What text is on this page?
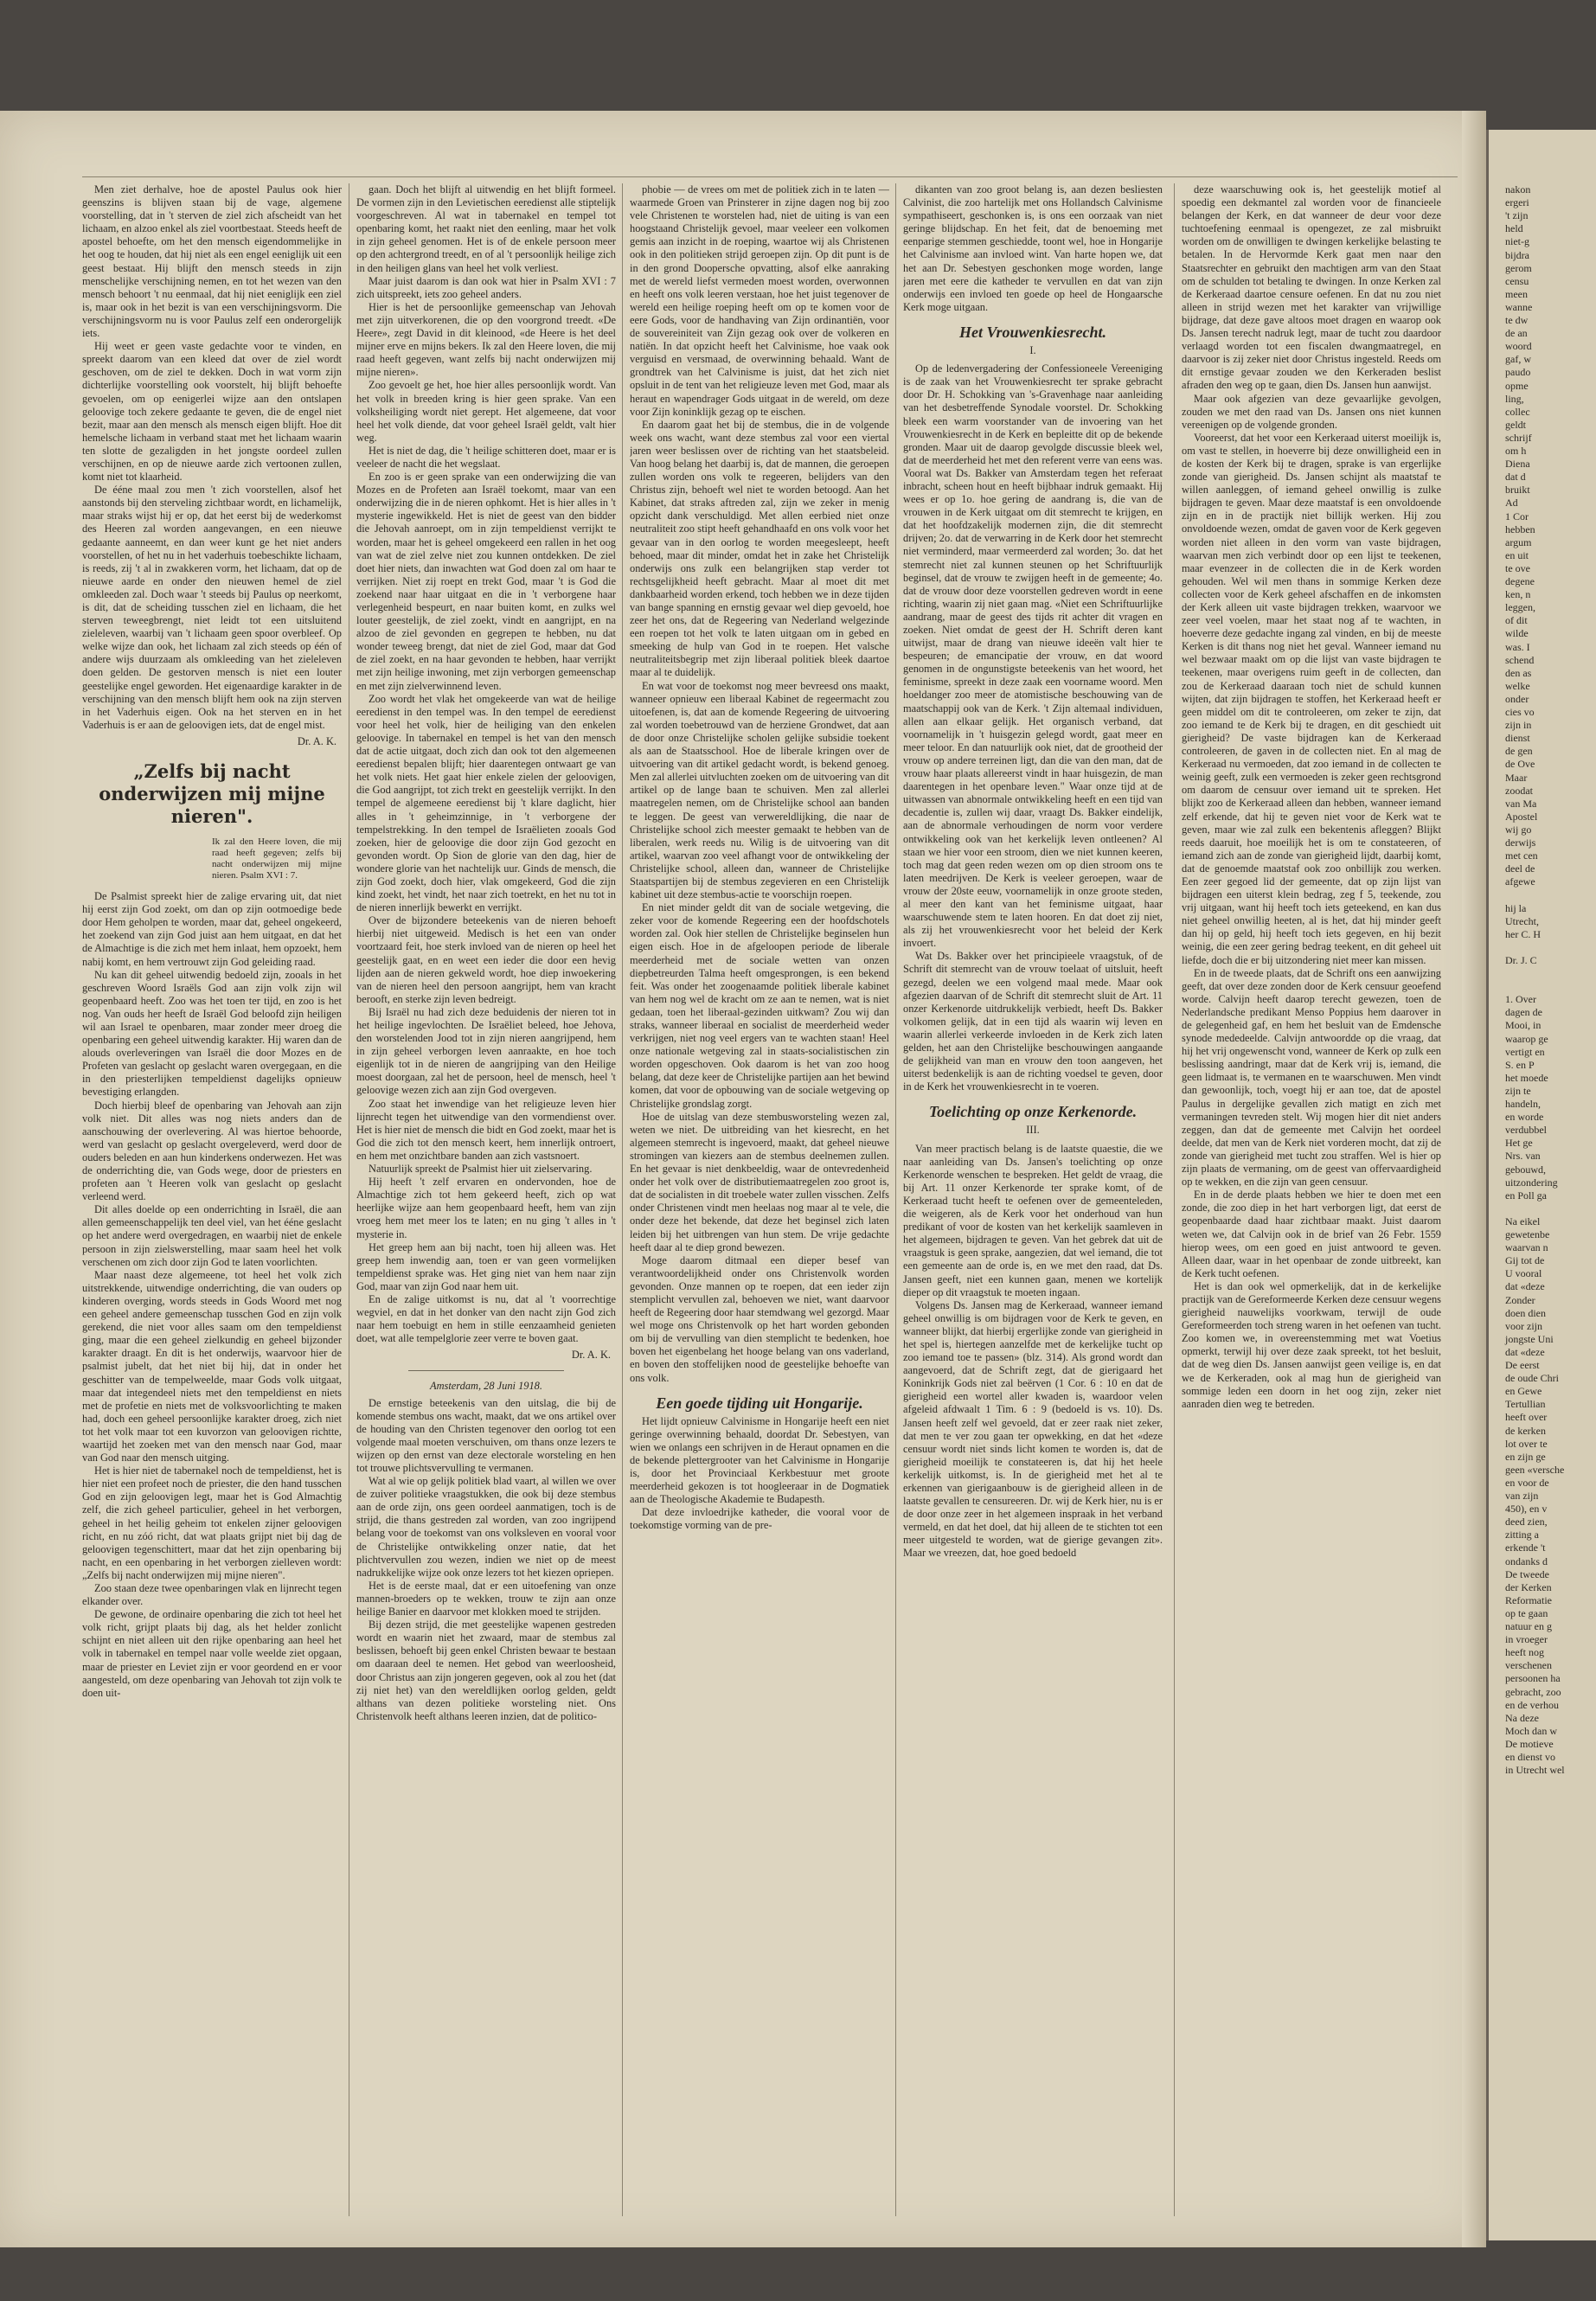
Men ziet derhalve, hoe de apostel Paulus ook hier geenszins is blijven staan bij de vage, algemene voorstelling, dat in 't sterven de ziel zich afscheidt van het lichaam, en alzoo enkel als ziel voortbestaat. Steeds heeft de apostel behoefte, om het den mensch eigendommelijke in het oog te houden, dat hij niet als een engel eeniglijk uit een geest bestaat. Hij blijft den mensch steeds in zijn menschelijke verschijning nemen, en tot het wezen van den mensch behoort 't nu eenmaal, dat hij niet eeniglijk een ziel is, maar ook in het bezit is van een verschijningsvorm. Die verschijningsvorm nu is voor Paulus zelf een onderorgelijk iets.

Hij weet er geen vaste gedachte voor te vinden, en spreekt daarom van een kleed dat over de ziel wordt geschoven, om de ziel te dekken. Doch in wat vorm zijn dichterlijke voorstelling ook voorstelt, hij blijft behoefte gevoelen, om op eenigerlei wijze aan den ontslapen geloovige toch zekere gedaante te geven, die de engel niet bezit, maar aan den mensch als mensch eigen blijft. Hoe dit hemelsche lichaam in verband staat met het lichaam waarin ten slotte de gezaligden in het jongste oordeel zullen verschijnen, en op de nieuwe aarde zich vertoonen zullen, komt niet tot klaarheid.

De ééne maal zou men 't zich voorstellen, alsof het aanstonds bij den sterveling zichtbaar wordt, en lichamelijk, maar straks wijst hij er op, dat het eerst bij de wederkomst des Heeren zal worden aangevangen, en een nieuwe gedaante aanneemt, en dan weer kunt ge het niet anders voorstellen, of het nu in het vaderhuis toebeschikte lichaam, is reeds, zij 't al in zwakkeren vorm, het lichaam, dat op de nieuwe aarde en onder den nieuwen hemel de ziel omkleeden zal. Doch waar 't steeds bij Paulus op neerkomt, is dit, dat de scheiding tusschen ziel en lichaam, die het sterven teweegbrengt, niet leidt tot een uitsluitend zieleleven, waarbij van 't lichaam geen spoor overbleef. Op welke wijze dan ook, het lichaam zal zich steeds op één of andere wijs duurzaam als omkleeding van het zieleleven doen gelden. De gestorven mensch is niet een louter geestelijke engel geworden. Het eigenaardige karakter in de verschijning van den mensch blijft hem ook na zijn sterven in het Vaderhuis eigen. Ook na het sterven en in het Vaderhuis is er aan de geloovigen iets, dat de engel mist.

Dr. A. K.

„Zelfs bij nacht onderwijzen mij mijne nieren".

Ik zal den Heere loven, die mij raad heeft gegeven; zelfs bij nacht onderwijzen mij mijne nieren. Psalm XVI : 7.

De Psalmist spreekt hier de zalige ervaring uit, dat niet hij eerst zijn God zoekt, om dan op zijn ootmoedige bede door Hem geholpen te worden, maar dat, geheel ongekeerd, het zoekend van zijn God juist aan hem uitgaat, en dat het de Almachtige is die zich met hem inlaat, hem opzoekt, hem nabij komt, en hem vertrouwt zijn God geleiding raad.

Nu kan dit geheel uitwendig bedoeld zijn, zooals in het geschreven Woord Israëls God aan zijn volk zijn wil geopenbaard heeft. Zoo was het toen ter tijd, en zoo is het nog. Van ouds her heeft de Israël God beloofd zijn heiligen wil aan Israel te openbaren, maar zonder meer droeg die openbaring een geheel uitwendig karakter. Hij waren dan de alouds overleveringen van Israël die door Mozes en de Profeten van geslacht op geslacht waren overgegaan, en die in den priesterlijken tempeldienst dagelijks opnieuw bevestiging erlangden.

Doch hierbij bleef de openbaring van Jehovah aan zijn volk niet. Dit alles was nog niets anders dan de aanschouwing der overlevering. Al was hiertoe behoorde, werd van geslacht op geslacht overgeleverd, werd door de ouders beleden en aan hun kinderkens onderwezen. Het was de onderrichting die, van Gods wege, door de priesters en profeten aan 't Heeren volk van geslacht op geslacht verleend werd.

Dit alles doelde op een onderrichting in Israël, die aan allen gemeenschappelijk ten deel viel, van het ééne geslacht op het andere werd overgedragen, en waarbij niet de enkele persoon in zijn zielswerstelling, maar saam heel het volk verschenen om zich door zijn God te laten voorlichten.

Maar naast deze algemeene, tot heel het volk zich uitstrekkende, uitwendige onderrichting, die van ouders op kinderen overging, words steeds in Gods Woord met nog een geheel andere gemeenschap tusschen God en zijn volk gerekend, die niet voor alles saam om den tempeldienst ging, maar die een geheel zielkundig en geheel bijzonder karakter draagt. En dit is het onderwijs, waarvoor hier de psalmist jubelt, dat het niet bij hij, dat in onder het geschitter van de tempelweelde, maar Gods volk uitgaat, maar dat integendeel niets met den tempeldienst en niets met de profetie en niets met de volksvoorlichting te maken had, doch een geheel persoonlijke karakter droeg, zich niet tot het volk maar tot een kuvorzon van geloovigen richtte, waartijd het zoeken met van den mensch naar God, maar van God naar den mensch uitging.

Het is hier niet de tabernakel noch de tempeldienst, het is hier niet een profeet noch de priester, die den hand tusschen God en zijn geloovigen legt, maar het is God Almachtig zelf, die zich geheel particulier, geheel in het verborgen, geheel in het heilig geheim tot enkelen zijner geloovigen richt, en nu zóó richt, dat wat plaats grijpt niet bij dag de geloovigen tegenschittert, maar dat het zijn openbaring bij nacht, en een openbaring in het verborgen zielleven wordt: „Zelfs bij nacht onderwijzen mij mijne nieren".

Zoo staan deze twee openbaringen vlak en lijnrecht tegen elkander over.

De gewone, de ordinaire openbaring die zich tot heel het volk richt, grijpt plaats bij dag, als het helder zonlicht schijnt en niet alleen uit den rijke openbaring aan heel het volk in tabernakel en tempel naar volle weelde ziet opgaan, maar de priester en Leviet zijn er voor geordend en er voor aangesteld, om deze openbaring van Jehovah tot zijn volk te doen uit-

gaan. Doch het blijft al uitwendig en het blijft formeel. De vormen zijn in den Levietischen eeredienst alle stiptelijk voorgeschreven. Al wat in tabernakel en tempel tot openbaring komt, het raakt niet den eenling, maar het volk in zijn geheel genomen. Het is of de enkele persoon meer op den achtergrond treedt, en of al 't persoonlijk heilige zich in den heiligen glans van heel het volk verliest.

Maar juist daarom is dan ook wat hier in Psalm XVI : 7 zich uitspreekt, iets zoo geheel anders.

Hier is het de persoonlijke gemeenschap van Jehovah met zijn uitverkorenen, die op den voorgrond treedt. «De Heere», zegt David in dit kleinood, «de Heere is het deel mijner erve en mijns bekers. Ik zal den Heere loven, die mij raad heeft gegeven, want zelfs bij nacht onderwijzen mij mijne nieren».

Zoo gevoelt ge het, hoe hier alles persoonlijk wordt. Van het volk in breeden kring is hier geen sprake. Van een volksheiliging wordt niet gerept. Het algemeene, dat voor heel het volk diende, dat voor geheel Israël geldt, valt hier weg.

Het is niet de dag, die 't heilige schitteren doet, maar er is veeleer de nacht die het wegslaat.

En zoo is er geen sprake van een onderwijzing die van Mozes en de Profeten aan Israël toekomt, maar van een onderwijzing die in de nieren ophkomt. Het is hier alles in 't mysterie ingewikkeld. Het is niet de geest van den bidder die Jehovah aanroept, om in zijn tempeldienst verrijkt te worden, maar het is geheel omgekeerd een rallen in het oog van wat de ziel zelve niet zou kunnen ontdekken. De ziel doet hier niets, dan inwachten wat God doen zal om haar te verrijken. Niet zij roept en trekt God, maar 't is God die zoekend naar haar uitgaat en die in 't verborgene haar verlegenheid bespeurt, en naar buiten komt, en zulks wel louter geestelijk, de ziel zoekt, vindt en aangrijpt, en na alzoo de ziel gevonden en gegrepen te hebben, nu dat wonder teweeg brengt, dat niet de ziel God, maar dat God de ziel zoekt, en na haar gevonden te hebben, haar verrijkt met zijn heilige inwoning, met zijn verborgen gemeenschap en met zijn zielverwinnend leven.

Zoo wordt het vlak het omgekeerde van wat de heilige eeredienst in den tempel was. In den tempel de eeredienst voor heel het volk, hier de heiliging van den enkelen geloovige. In tabernakel en tempel is het van den mensch dat de actie uitgaat, doch zich dan ook tot den algemeenen eeredienst bepalen blijft; hier daarentegen ontwaart ge van het volk niets. Het gaat hier enkele zielen der geloovigen, die God aangrijpt, tot zich trekt en geestelijk verrijkt. In den tempel de algemeene eeredienst bij 't klare daglicht, hier alles in 't geheimzinnige, in 't verborgene der tempelstrekking. In den tempel de Israëlieten zooals God zoeken, hier de geloovige die door zijn God gezocht en gevonden wordt. Op Sion de glorie van den dag, hier de wondere glorie van het nachtelijk uur. Ginds de mensch, die zijn God zoekt, doch hier, vlak omgekeerd, God die zijn kind zoekt, het vindt, het naar zich toetrekt, en het nu tot in de nieren innerlijk bewerkt en verrijkt.

Over de bijzondere beteekenis van de nieren behoeft hierbij niet uitgeweid. Medisch is het een van onder voortzaard feit, hoe sterk invloed van de nieren op heel het geestelijk gaat, en en weet een ieder die door een hevig lijden aan de nieren gekweld wordt, hoe diep inwoekering van de nieren heel den persoon aangrijpt, hem van kracht berooft, en sterke zijn leven bedreigt.

Bij Israël nu had zich deze beduidenis der nieren tot in het heilige ingevlochten. De Israëliet beleed, hoe Jehova, den worstelenden Jood tot in zijn nieren aangrijpend, hem in zijn geheel verborgen leven aanraakte, en hoe toch eigenlijk tot in de nieren de aangrijping van den Heilige moest doorgaan, zal het de persoon, heel de mensch, heel 't geloovige wezen zich aan zijn God overgeven.

Zoo staat het inwendige van het religieuze leven hier lijnrecht tegen het uitwendige van den vormendienst over. Het is hier niet de mensch die bidt en God zoekt, maar het is God die zich tot den mensch keert, hem innerlijk ontroert, en hem met onzichtbare banden aan zich vastsnoert.

Natuurlijk spreekt de Psalmist hier uit zielservaring.

Hij heeft 't zelf ervaren en ondervonden, hoe de Almachtige zich tot hem gekeerd heeft, zich op wat heerlijke wijze aan hem geopenbaard heeft, hem van zijn vroeg hem met meer los te laten; en nu ging 't alles in 't mysterie in.

Het greep hem aan bij nacht, toen hij alleen was. Het greep hem inwendig aan, toen er van geen vormelijken tempeldienst sprake was. Het ging niet van hem naar zijn God, maar van zijn God naar hem uit.

En de zalige uitkomst is nu, dat al 't voorrechtige wegviel, en dat in het donker van den nacht zijn God zich naar hem toebuigt en hem in stille eenzaamheid genieten doet, wat alle tempelglorie zeer verre te boven gaat.

Dr. A. K.

Amsterdam, 28 Juni 1918.

De ernstige beteekenis van den uitslag, die bij de komende stembus ons wacht, maakt, dat we ons artikel over de houding van den Christen tegenover den oorlog tot een volgende maal moeten verschuiven, om thans onze lezers te wijzen op den ernst van deze electorale worsteling en hen tot trouwe plichtsvervulling te vermanen.

Wat al wie op gelijk politiek blad vaart, al willen we over de zuiver politieke vraagstukken, die ook bij deze stembus aan de orde zijn, ons geen oordeel aanmatigen, toch is de strijd, die thans gestreden zal worden, van zoo ingrijpend belang voor de toekomst van ons volksleven en vooral voor de Christelijke ontwikkeling onzer natie, dat het plichtvervullen zou wezen, indien we niet op de meest nadrukkelijke wijze ook onze lezers tot het kiezen opriepen.

Het is de eerste maal, dat er een uitoefening van onze mannen-broeders op te wekken, trouw te zijn aan onze heilige Banier en daarvoor met klokken moed te strijden.

Bij dezen strijd, die met geestelijke wapenen gestreden wordt en waarin niet het zwaard, maar de stembus zal beslissen, behoeft bij geen enkel Christen bewaar te bestaan om daaraan deel te nemen. Het gebod van weerloosheid, door Christus aan zijn jongeren gegeven, ook al zou het (dat zij niet het) van den wereldlijken oorlog gelden, geldt althans van dezen politieke worsteling niet. Ons Christenvolk heeft althans leeren inzien, dat de politico-

phobie — de vrees om met de politiek zich in te laten — waarmede Groen van Prinsterer in zijne dagen nog bij zoo vele Christenen te worstelen had, niet de uiting is van een hoogstaand Christelijk gevoel, maar veeleer een volkomen gemis aan inzicht in de roeping, waartoe wij als Christenen ook in den politieken strijd geroepen zijn. Op dit punt is de in den grond Doopersche opvatting, alsof elke aanraking met de wereld liefst vermeden moest worden, overwonnen en heeft ons volk leeren verstaan, hoe het juist tegenover de wereld een heilige roeping heeft om op te komen voor de eere Gods, voor de handhaving van Zijn ordinantiën, voor de souvereiniteit van Zijn gezag ook over de volkeren en natiën. In dat opzicht heeft het Calvinisme, hoe vaak ook verguisd en versmaad, de overwinning behaald. Want de grondtrek van het Calvinisme is juist, dat het zich niet opsluit in de tent van het religieuze leven met God, maar als heraut en wapendrager Gods uitgaat in de wereld, om deze voor Zijn koninklijk gezag op te eischen.

En daarom gaat het bij de stembus, die in de volgende week ons wacht, want deze stembus zal voor een viertal jaren weer beslissen over de richting van het staatsbeleid. Van hoog belang het daarbij is, dat de mannen, die geroepen zullen worden ons volk te regeeren, belijders van den Christus zijn, behoeft wel niet te worden betoogd. Aan het Kabinet, dat straks aftreden zal, zijn we zeker in menig opzicht dank verschuldigd. Met allen eerbied niet onze neutraliteit zoo stipt heeft gehandhaafd en ons volk voor het gevaar van in den oorlog te worden meegesleept, heeft behoed, maar dit minder, omdat het in zake het Christelijk onderwijs ons zulk een belangrijken stap verder tot rechtsgelijkheid heeft gebracht. Maar al moet dit met dankbaarheid worden erkend, toch hebben we in deze tijden van bange spanning en ernstig gevaar wel diep gevoeld, hoe zeer het ons, dat de Regeering van Nederland welgezinde een roepen tot het volk te laten uitgaan om in gebed en smeeking de hulp van God in te roepen. Het valsche neutraliteitsbegrip met zijn liberaal politiek bleek daartoe maar al te duidelijk.

En wat voor de toekomst nog meer bevreesd ons maakt, wanneer opnieuw een liberaal Kabinet de regeermacht zou uitoefenen, is, dat aan de komende Regeering de uitvoering zal worden toebetrouwd van de herziene Grondwet, dat aan de door onze Christelijke scholen gelijke subsidie toekent als aan de Staatsschool. Hoe de liberale kringen over de uitvoering van dit artikel gedacht wordt, is bekend genoeg. Men zal allerlei uitvluchten zoeken om de uitvoering van dit artikel op de lange baan te schuiven. Men zal allerlei maatregelen nemen, om de Christelijke school aan banden te leggen. De geest van verwereldlijking, die naar de Christelijke school zich meester gemaakt te hebben van de liberalen, werk reeds nu. Wilig is de uitvoering van dit artikel, waarvan zoo veel afhangt voor de ontwikkeling der Christelijke school, alleen dan, wanneer de Christelijke Staatspartijen bij de stembus zegevieren en een Christelijk kabinet uit deze stembus-actie te voorschijn roepen.

En niet minder geldt dit van de sociale wetgeving, die zeker voor de komende Regeering een der hoofdschotels worden zal. Ook hier stellen de Christelijke beginselen hun eigen eisch. Hoe in de afgeloopen periode de liberale meerderheid met de sociale wetten van onzen diepbetreurden Talma heeft omgesprongen, is een bekend feit. Was onder het zoogenaamde politiek liberale kabinet van hem nog wel de kracht om ze aan te nemen, wat is niet gedaan, toen het liberaal-gezinden uitkwam? Zou wij dan straks, wanneer liberaal en socialist de meerderheid weder verkrijgen, niet nog veel ergers van te wachten staan! Heel onze nationale wetgeving zal in staats-socialistischen zin worden opgeschoven. Ook daarom is het van zoo hoog belang, dat deze keer de Christelijke partijen aan het bewind komen, dat voor de opbouwing van de sociale wetgeving op Christelijke grondslag zorgt.

Hoe de uitslag van deze stembusworsteling wezen zal, weten we niet. De uitbreiding van het kiesrecht, en het algemeen stemrecht is ingevoerd, maakt, dat geheel nieuwe stromingen van kiezers aan de stembus deelnemen zullen. En het gevaar is niet denkbeeldig, waar de ontevredenheid onder het volk over de distributiemaatregelen zoo groot is, dat de socialisten in dit troebele water zullen visschen. Zelfs onder Christenen vindt men heelaas nog maar al te vele, die onder deze het bekende, dat deze het beginsel zich laten leiden bij het uitbrengen van hun stem. De vrije gedachte heeft daar al te diep grond bewezen.

Moge daarom ditmaal een dieper besef van verantwoordelijkheid onder ons Christenvolk worden gevonden. Onze mannen op te roepen, dat een ieder zijn stemplicht vervullen zal, behoeven we niet, want daarvoor heeft de Regeering door haar stemdwang wel gezorgd. Maar wel moge ons Christenvolk op het hart worden gebonden om bij de vervulling van dien stemplicht te bedenken, hoe boven het eigenbelang het hooge belang van ons vaderland, en boven den stoffelijken nood de geestelijke behoefte van ons volk.

Een goede tijding uit Hongarije.

Het lijdt opnieuw Calvinisme in Hongarije heeft een niet geringe overwinning behaald, doordat Dr. Sebestyen, van wien we onlangs een schrijven in de Heraut opnamen en die de bekende plettergrooter van het Calvinisme in Hongarije is, door het Provinciaal Kerkbestuur met groote meerderheid gekozen is tot hoogleeraar in de Dogmatiek aan de Theologische Akademie te Budapesth.

Dat deze invloedrijke katheder, die vooral voor de toekomstige vorming van de pre-

dikanten van zoo groot belang is, aan dezen besliesten Calvinist, die zoo hartelijk met ons Hollandsch Calvinisme sympathiseert, geschonken is, is ons een oorzaak van niet geringe blijdschap. En het feit, dat de benoeming met eenparige stemmen geschiedde, toont wel, hoe in Hongarije het Calvinisme aan invloed wint. Van harte hopen we, dat het aan Dr. Sebestyen geschonken moge worden, lange jaren met eere die katheder te vervullen en dat van zijn onderwijs een invloed ten goede op heel de Hongaarsche Kerk moge uitgaan.

Het Vrouwenkiesrecht.

I.

Op de ledenvergadering der Confessioneele Vereeniging is de zaak van het Vrouwenkiesrecht ter sprake gebracht door Dr. H. Schokking van 's-Gravenhage naar aanleiding van het desbetreffende Synodale voorstel. Dr. Schokking bleek een warm voorstander van de invoering van het Vrouwenkiesrecht in de Kerk en bepleitte dit op de bekende gronden. Maar uit de daarop gevolgde discussie bleek wel, dat de meerderheid het met den referent verre van eens was. Vooral wat Ds. Bakker van Amsterdam tegen het referaat inbracht, scheen hout en heeft bijbhaar indruk gemaakt. Hij wees er op 1o. hoe gering de aandrang is, die van de vrouwen in de Kerk uitgaat om dit stemrecht te krijgen, en dat het hoofdzakelijk modernen zijn, die dit stemrecht drijven; 2o. dat de verwarring in de Kerk door het stemrecht niet verminderd, maar vermeerderd zal worden; 3o. dat het stemrecht niet zal kunnen steunen op het Schriftuurlijk beginsel, dat de vrouw te zwijgen heeft in de gemeente; 4o. dat de vrouw door deze voorstellen gedreven wordt in eene richting, waarin zij niet gaan mag. «Niet een Schriftuurlijke aandrang, maar de geest des tijds rit achter dit vragen en zoeken. Niet omdat de geest der H. Schrift deren kant uitwijst, maar de drang van nieuwe ideeën valt hier te bespeuren; de emancipatie der vrouw, en dat woord genomen in de ongunstigste beteekenis van het woord, het feminisme, spreekt in deze zaak een voorname woord. Men hoeldanger zoo meer de atomistische beschouwing van de maatschappij ook van de Kerk. 't Zijn altemaal individuen, allen aan elkaar gelijk. Het organisch verband, dat voornamelijk in 't huisgezin gelegd wordt, gaat meer en meer teloor. En dan natuurlijk ook niet, dat de grootheid der vrouw op andere terreinen ligt, dan die van den man, dat de vrouw haar plaats allereerst vindt in haar huisgezin, de man daarentegen in het openbare leven." Waar onze tijd at de uitwassen van abnormale ontwikkeling heeft en een tijd van decadentie is, zullen wij daar, vraagt Ds. Bakker eindelijk, aan de abnormale verhoudingen de norm voor verdere ontwikkeling ook van het kerkelijk leven ontleenen? Al staan we hier voor een stroom, dien we niet kunnen keeren, toch mag dat geen reden wezen om op dien stroom ons te laten meedrijven. De Kerk is veeleer geroepen, waar de vrouw der 20ste eeuw, voornamelijk in onze groote steden, al meer den kant van het feminisme uitgaat, haar waarschuwende stem te laten hooren. En dat doet zij niet, als zij het vrouwenkiesrecht voor het beleid der Kerk invoert.

Wat Ds. Bakker over het principieele vraagstuk, of de Schrift dit stemrecht van de vrouw toelaat of uitsluit, heeft gezegd, deelen we een volgend maal mede. Maar ook afgezien daarvan of de Schrift dit stemrecht sluit de Art. 11 onzer Kerkenorde uitdrukkelijk verbiedt, heeft Ds. Bakker volkomen gelijk, dat in een tijd als waarin wij leven en waarin allerlei verkeerde invloeden in de Kerk zich laten gelden, het aan den Christelijke beschouwingen aangaande de gelijkheid van man en vrouw den toon aangeven, het uiterst bedenkelijk is aan de richting voedsel te geven, door in de Kerk het vrouwenkiesrecht in te voeren.

Toelichting op onze Kerkenorde.

III.

Van meer practisch belang is de laatste quaestie, die we naar aanleiding van Ds. Jansen's toelichting op onze Kerkenorde wenschen te bespreken. Het geldt de vraag, die bij Art. 11 onzer Kerkenorde ter sprake komt, of de Kerkeraad tucht heeft te oefenen over de gemeenteleden, die weigeren, als de Kerk voor het onderhoud van hun predikant of voor de kosten van het kerkelijk saamleven in het algemeen, bijdragen te geven. Van het gebrek dat uit de vraagstuk is geen sprake, aangezien, dat wel iemand, die tot een gemeente aan de orde is, en we met den raad, dat Ds. Jansen geeft, niet een kunnen gaan, menen we kortelijk dieper op dit vraagstuk te moeten ingaan.

Volgens Ds. Jansen mag de Kerkeraad, wanneer iemand geheel onwillig is om bijdragen voor de Kerk te geven, en wanneer blijkt, dat hierbij ergerlijke zonde van gierigheid in het spel is, hiertegen aanzelfde met de kerkelijke tucht op zoo iemand toe te passen» (blz. 314). Als grond wordt dan aangevoerd, dat de Schrift zegt, dat de gierigaard het Koninkrijk Gods niet zal beërven (1 Cor. 6 : 10 en dat de gierigheid een wortel aller kwaden is, waardoor velen afgeleid afdwaalt 1 Tim. 6 : 9 (bedoeld is vs. 10). Ds. Jansen heeft zelf wel gevoeld, dat er zeer raak niet zeker, dat men te ver zou gaan ter opwekking, en dat het «deze censuur wordt niet sinds licht komen te worden is, dat de gierigheid moeilijk te constateeren is, dat hij het heele kerkelijk uitkomst, is. In de gierigheid met het al te erkennen van gierigaanbouw is de gierigheid alleen in de laatste gevallen te censureeren. Dr. wij de Kerk hier, nu is er de door onze zeer in het algemeen inspraak in het verband vermeld, en dat het doel, dat hij alleen de te stichten tot een meer uitgesteld te worden, wat de gierige gevangen zit». Maar we vreezen, dat, hoe goed bedoeld

deze waarschuwing ook is, het geestelijk motief al spoedig een dekmantel zal worden voor de financieele belangen der Kerk, en dat wanneer de deur voor deze tuchtoefening eenmaal is opengezet, ze zal misbruikt worden om de onwilligen te dwingen kerkelijke belasting te betalen. In de Hervormde Kerk gaat men naar den Staatsrechter en gebruikt den machtigen arm van den Staat om de schulden tot betaling te dwingen. In onze Kerken zal de Kerkeraad daartoe censure oefenen. En dat nu zou niet alleen in strijd wezen met het karakter van vrijwillige bijdrage, dat deze gave altoos moet dragen en waarop ook Ds. Jansen terecht nadruk legt, maar de tucht zou daardoor verlaagd worden tot een fiscalen dwangmaatregel, en daarvoor is zij zeker niet door Christus ingesteld. Reeds om dit ernstige gevaar zouden we den Kerkeraden beslist afraden den weg op te gaan, dien Ds. Jansen hun aanwijst.

Maar ook afgezien van deze gevaarlijke gevolgen, zouden we met den raad van Ds. Jansen ons niet kunnen vereenigen op de volgende gronden.

Vooreerst, dat het voor een Kerkeraad uiterst moeilijk is, om vast te stellen, in hoeverre bij deze onwilligheid een in de kosten der Kerk bij te dragen, sprake is van ergerlijke zonde van gierigheid. Ds. Jansen schijnt als maatstaf te willen aanleggen, of iemand geheel onwillig is zulke bijdragen te geven. Maar deze maatstaf is een onvoldoende zijn en in de practijk niet billijk werken. Hij zou onvoldoende wezen, omdat de gaven voor de Kerk gegeven worden niet alleen in den vorm van vaste bijdragen, waarvan men zich verbindt door op een lijst te teekenen, maar evenzeer in de collecten die in de Kerk worden gehouden. Wel wil men thans in sommige Kerken deze collecten voor de Kerk geheel afschaffen en de inkomsten der Kerk alleen uit vaste bijdragen trekken, waarvoor we zeer veel voelen, maar het staat nog af te wachten, in hoeverre deze gedachte ingang zal vinden, en bij de meeste Kerken is dit thans nog niet het geval. Wanneer iemand nu wel bezwaar maakt om op die lijst van vaste bijdragen te teekenen, maar overigens ruim geeft in de collecten, dan zou de Kerkeraad daaraan toch niet de schuld kunnen wijten, dat zijn bijdragen te stoffen, het Kerkeraad heeft er geen middel om dit te controleeren, om zeker te zijn, dat zoo iemand te de Kerk bij te dragen, en dit geschiedt uit gierigheid? De vaste bijdragen kan de Kerkeraad controleeren, de gaven in de collecten niet. En al mag de Kerkeraad nu vermoeden, dat zoo iemand in de collecten te weinig geeft, zulk een vermoeden is zeker geen rechtsgrond om daarom de censuur over iemand uit te spreken. Het blijkt zoo de Kerkeraad alleen dan hebben, wanneer iemand zelf erkende, dat hij te geven niet voor de Kerk wat te geven, maar wie zal zulk een bekentenis afleggen? Blijkt reeds daaruit, hoe moeilijk het is om te constateeren, of iemand zich aan de zonde van gierigheid lijdt, daarbij komt, dat de genoemde maatstaf ook zoo onbillijk zou werken. Een zeer gegoed lid der gemeente, dat op zijn lijst van bijdragen een uiterst klein bedrag, zeg f 5, teekende, zou vrij uitgaan, want hij heeft toch iets geteekend, en kan dus niet geheel onwillig heeten, al is het, dat hij minder geeft dan hij op geld, hij heeft toch iets gegeven, en hij bezit weinig, die een zeer gering bedrag teekent, en dit geheel uit liefde, doch die er bij uitzondering niet meer kan missen.

En in de tweede plaats, dat de Schrift ons een aanwijzing geeft, dat over deze zonden door de Kerk censuur geoefend worde. Calvijn heeft daarop terecht gewezen, toen de Nederlandsche predikant Menso Poppius hem daarover in de gelegenheid gaf, en hem het besluit van de Emdensche synode mededeelde. Calvijn antwoordde op die vraag, dat hij het vrij ongewenscht vond, wanneer de Kerk op zulk een beslissing aandringt, maar dat de Kerk vrij is, iemand, die geen lidmaat is, te vermanen en te waarschuwen. Men vindt dan gewoonlijk, toch, voegt hij er aan toe, dat de apostel Paulus in dergelijke gevallen zich matigt en zich met vermaningen tevreden stelt. Wij mogen hier dit niet anders zeggen, dan dat de gemeente met Calvijn het oordeel deelde, dat men van de Kerk niet vorderen mocht, dat zij de zonde van gierigheid met tucht zou straffen. Wel is hier op zijn plaats de vermaning, om de geest van offervaardigheid op te wekken, en die zijn van geen censuur.

En in de derde plaats hebben we hier te doen met een zonde, die zoo diep in het hart verborgen ligt, dat eerst de geopenbaarde daad haar zichtbaar maakt. Juist daarom weten we, dat Calvijn ook in de brief van 26 Febr. 1559 hierop wees, om een goed en juist antwoord te geven. Alleen daar, waar in het openbaar de zonde uitbreekt, kan de Kerk tucht oefenen.

Het is dan ook wel opmerkelijk, dat in de kerkelijke practijk van de Gereformeerde Kerken deze censuur wegens gierigheid nauwelijks voorkwam, terwijl de oude Gereformeerden toch streng waren in het oefenen van tucht. Zoo komen we, in overeenstemming met wat Voetius opmerkt, terwijl hij over deze zaak spreekt, tot het besluit, dat de weg dien Ds. Jansen aanwijst geen veilige is, en dat we de Kerkeraden, ook al mag hun de gierigheid van sommige leden een doorn in het oog zijn, zeker niet aanraden dien weg te betreden.

nakon
ergeri
't zijn
held
niet-g
bijdra
gerom
censu
meen
wanne
te dw
de an
woord
gaf, w
paudo
opme
ling,
collec
geldt
schrijf
om h
Diena
dat d
bruikt
Ad
1 Cor
hebben
argum
en uit
te ove
degene
ken, n
leggen,
of dit
wilde
was. I
schend
den as
welke
onder
cies vo
zijn in
dienst
de gen
de Ove
Maar
zoodat
van Ma
Apostel
wij go
derwijs
met cen
deel de
afgewe
hij la
Utrecht,
her C. H
Dr. J. C
1. Over
dagen de
Mooi, in
waarop ge
vertigt en
S. en P
het moede
zijn te
handeln,
en worde
verdubbel
Het ge
Nrs. van
gebouwd,
uitzondering
en Poll ga
Na eikel
gewetenbe
waarvan n
Gij tot de
U vooral
dat «deze
Zonder
doen dien
voor zijn
jongste Uni
dat «deze
De eerst
de oude Chri
en Gewe
Tertullian
heeft over
de kerken
lot over te
en zijn ge
geen «versche
en voor de
van zijn
450), en v
deed zien,
zitting a
erkende 't
ondanks d
De tweede
der Kerken
Reformatie
op te gaan
natuur en g
in vroeger
heeft nog
verschenen
persoonen ha
gebracht, zoo
en de verhou
Na deze
Moch dan w
De motieve
en dienst vo
in Utrecht wel
